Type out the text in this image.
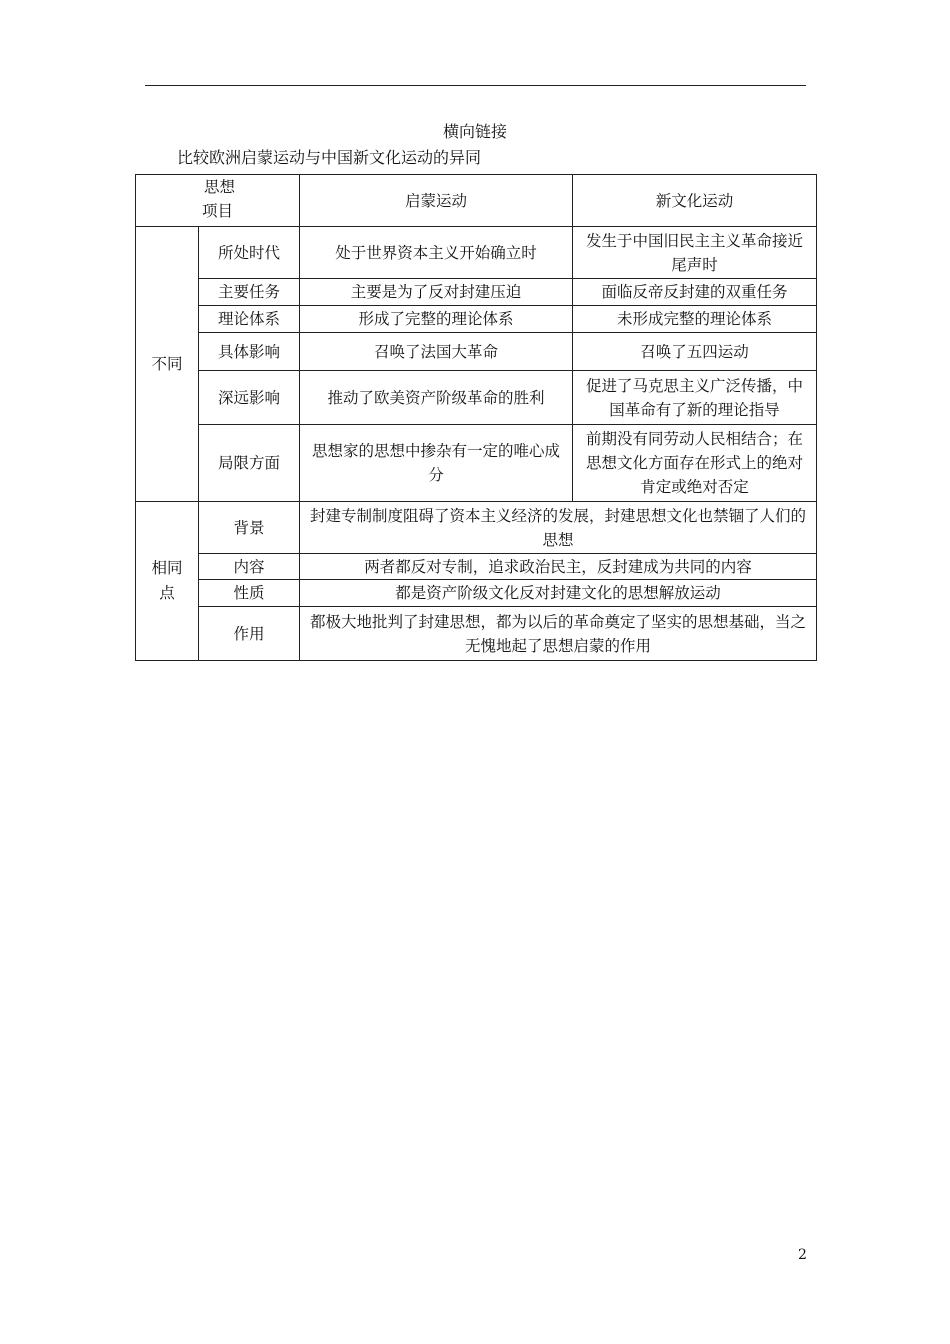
横向链接
比较欧洲启蒙运动与中国新文化运动的异同
思想
项目		启蒙运动	新文化运动
不同	所处时代	处于世界资本主义开始确立时	发生于中国旧民主主义革命接近尾声时
	主要任务	主要是为了反对封建压迫	面临反帝反封建的双重任务
	理论体系	形成了完整的理论体系	未形成完整的理论体系
	具体影响	召唤了法国大革命	召唤了五四运动
	深远影响	推动了欧美资产阶级革命的胜利	促进了马克思主义广泛传播，中国革命有了新的理论指导
	局限方面	思想家的思想中掺杂有一定的唯心成分	前期没有同劳动人民相结合；在思想文化方面存在形式上的绝对肯定或绝对否定
相同点	背景	封建专制制度阻碍了资本主义经济的发展，封建思想文化也禁锢了人们的思想	
	内容	两者都反对专制，追求政治民主，反封建成为共同的内容	
	性质	都是资产阶级文化反对封建文化的思想解放运动	
	作用	都极大地批判了封建思想，都为以后的革命奠定了坚实的思想基础，当之无愧地起了思想启蒙的作用	
2
